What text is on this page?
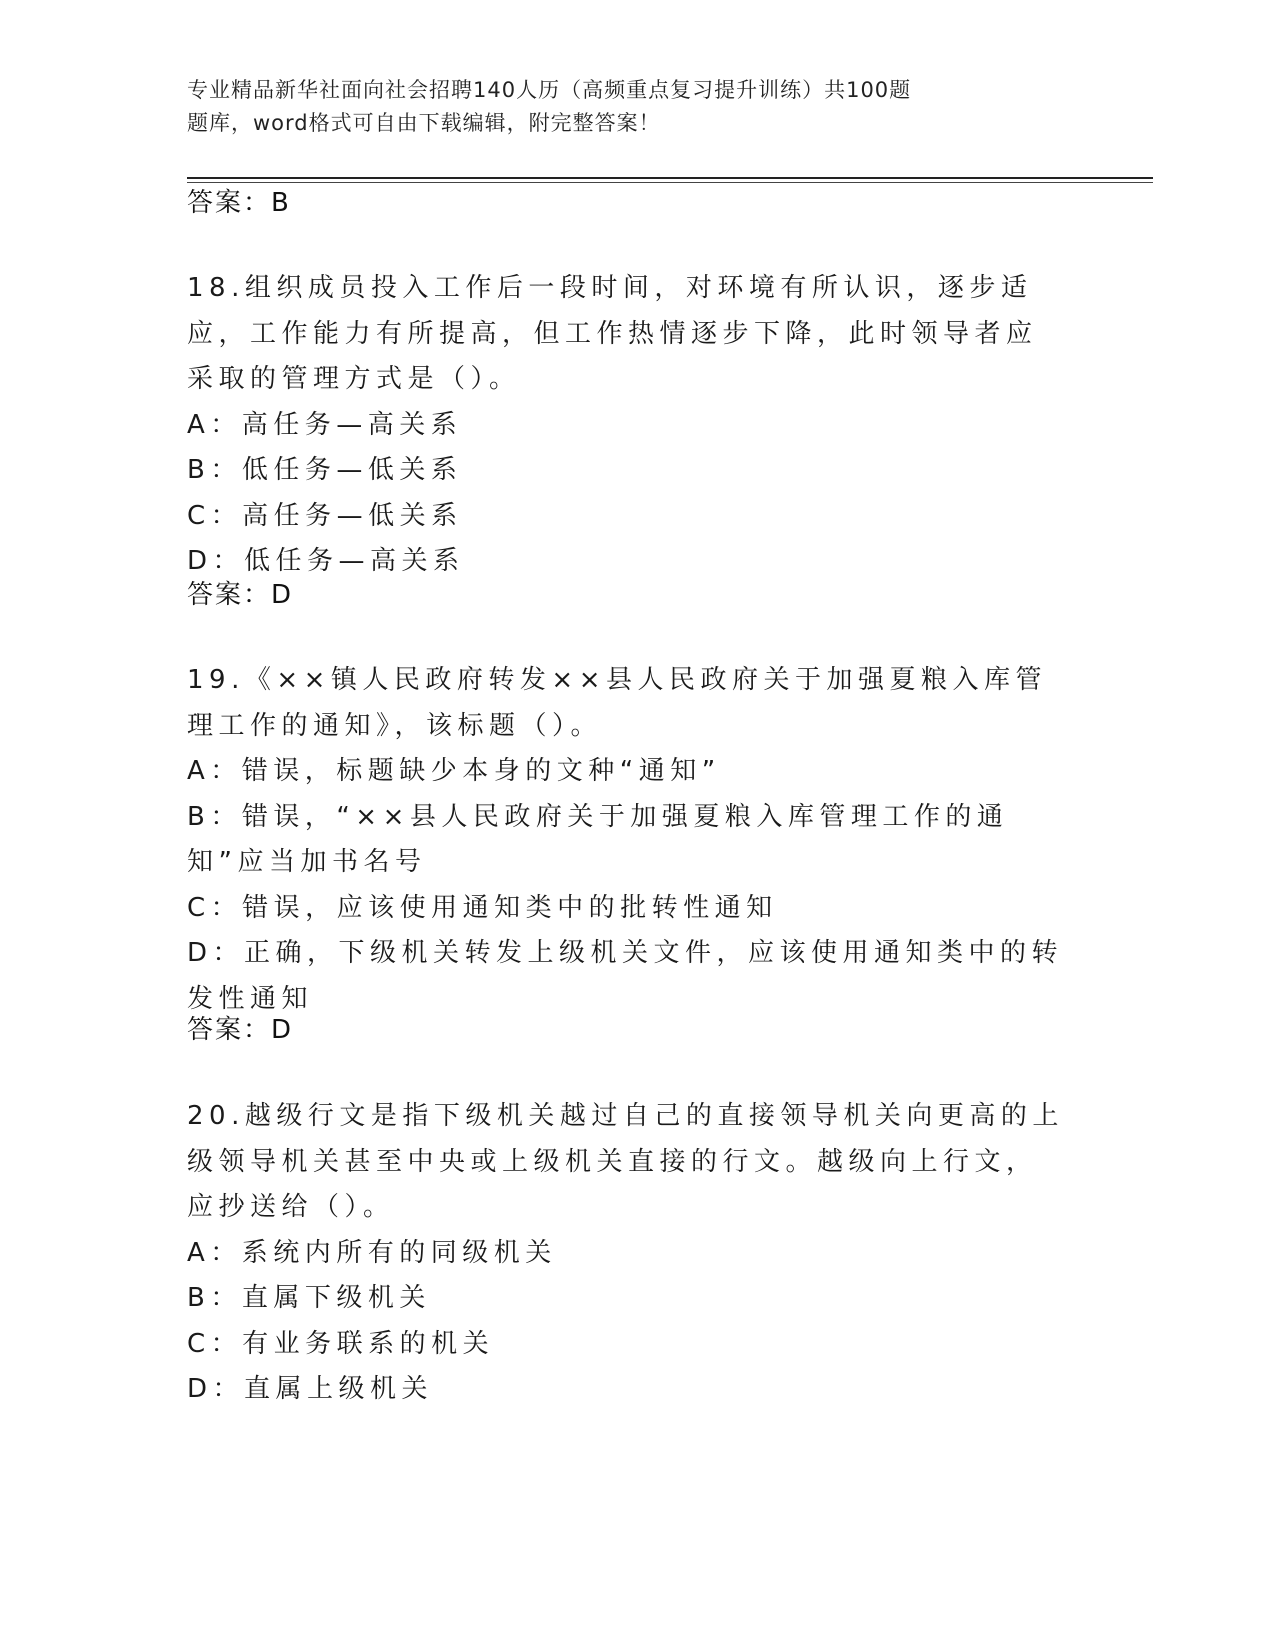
专业精品新华社面向社会招聘140人历（高频重点复习提升训练）共100题
题库，word格式可自由下载编辑，附完整答案！
答案：B
18.组织成员投入工作后一段时间，对环境有所认识，逐步适应，工作能力有所提高，但工作热情逐步下降，此时领导者应采取的管理方式是（）。
A：高任务—高关系
B：低任务—低关系
C：高任务—低关系
D：低任务—高关系
答案：D
19.《××镇人民政府转发××县人民政府关于加强夏粮入库管理工作的通知》，该标题（）。
A：错误，标题缺少本身的文种“通知”
B：错误，“××县人民政府关于加强夏粮入库管理工作的通知”应当加书名号
C：错误，应该使用通知类中的批转性通知
D：正确，下级机关转发上级机关文件，应该使用通知类中的转发性通知
答案：D
20.越级行文是指下级机关越过自己的直接领导机关向更高的上级领导机关甚至中央或上级机关直接的行文。越级向上行文，应抄送给（）。
A：系统内所有的同级机关
B：直属下级机关
C：有业务联系的机关
D：直属上级机关
